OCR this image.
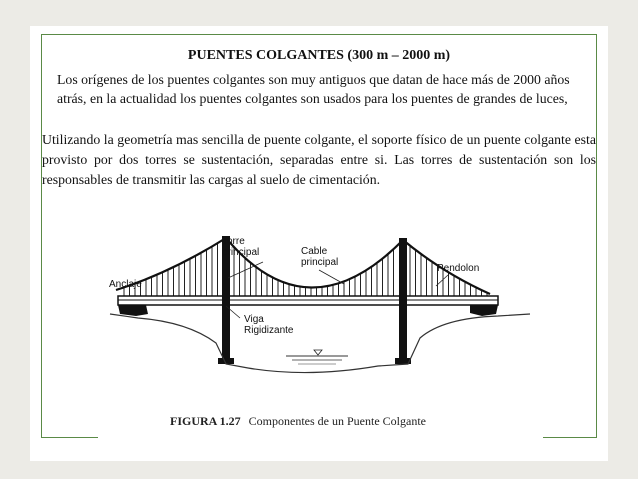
PUENTES COLGANTES (300 m – 2000 m)
Los orígenes de los puentes colgantes son muy antiguos que datan de hace más de 2000 años atrás, en la actualidad los puentes colgantes son usados para los puentes de grandes de luces,
Utilizando la geometría mas sencilla de puente colgante, el soporte físico de un puente colgante esta provisto por dos torres se sustentación, separadas entre si. Las torres de sustentación son los responsables de transmitir las cargas al suelo de cimentación.
Torre
principal	Cable
principal
Pendolon
Anclaje
Viga
Rigidizante
FIGURA 1.27 Componentes de un Puente Colgante
